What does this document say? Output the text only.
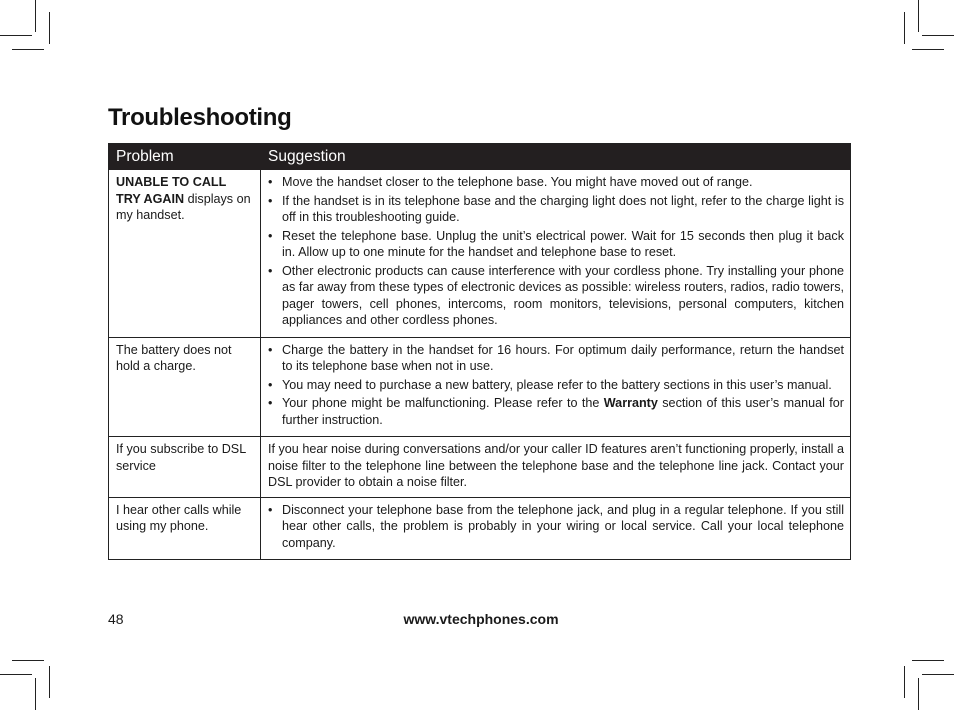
Troubleshooting
Problem	Suggestion
UNABLE TO CALL TRY AGAIN displays on my handset.
• Move the handset closer to the telephone base. You might have moved out of range.
• If the handset is in its telephone base and the charging light does not light, refer to the charge light is off in this troubleshooting guide.
• Reset the telephone base. Unplug the unit’s electrical power. Wait for 15 seconds then plug it back in. Allow up to one minute for the handset and telephone base to reset.
• Other electronic products can cause interference with your cordless phone. Try installing your phone as far away from these types of electronic devices as possible: wireless routers, radios, radio towers, pager towers, cell phones, intercoms, room monitors, televisions, personal computers, kitchen appliances and other cordless phones.
The battery does not hold a charge.
• Charge the battery in the handset for 16 hours. For optimum daily performance, return the handset to its telephone base when not in use.
• You may need to purchase a new battery, please refer to the battery sections in this user’s manual.
• Your phone might be malfunctioning. Please refer to the Warranty section of this user’s manual for further instruction.
If you subscribe to DSL service
If you hear noise during conversations and/or your caller ID features aren’t functioning properly, install a noise filter to the telephone line between the telephone base and the telephone line jack. Contact your DSL provider to obtain a noise filter.
I hear other calls while using my phone.
• Disconnect your telephone base from the telephone jack, and plug in a regular telephone. If you still hear other calls, the problem is probably in your wiring or local service. Call your local telephone company.
48	www.vtechphones.com
